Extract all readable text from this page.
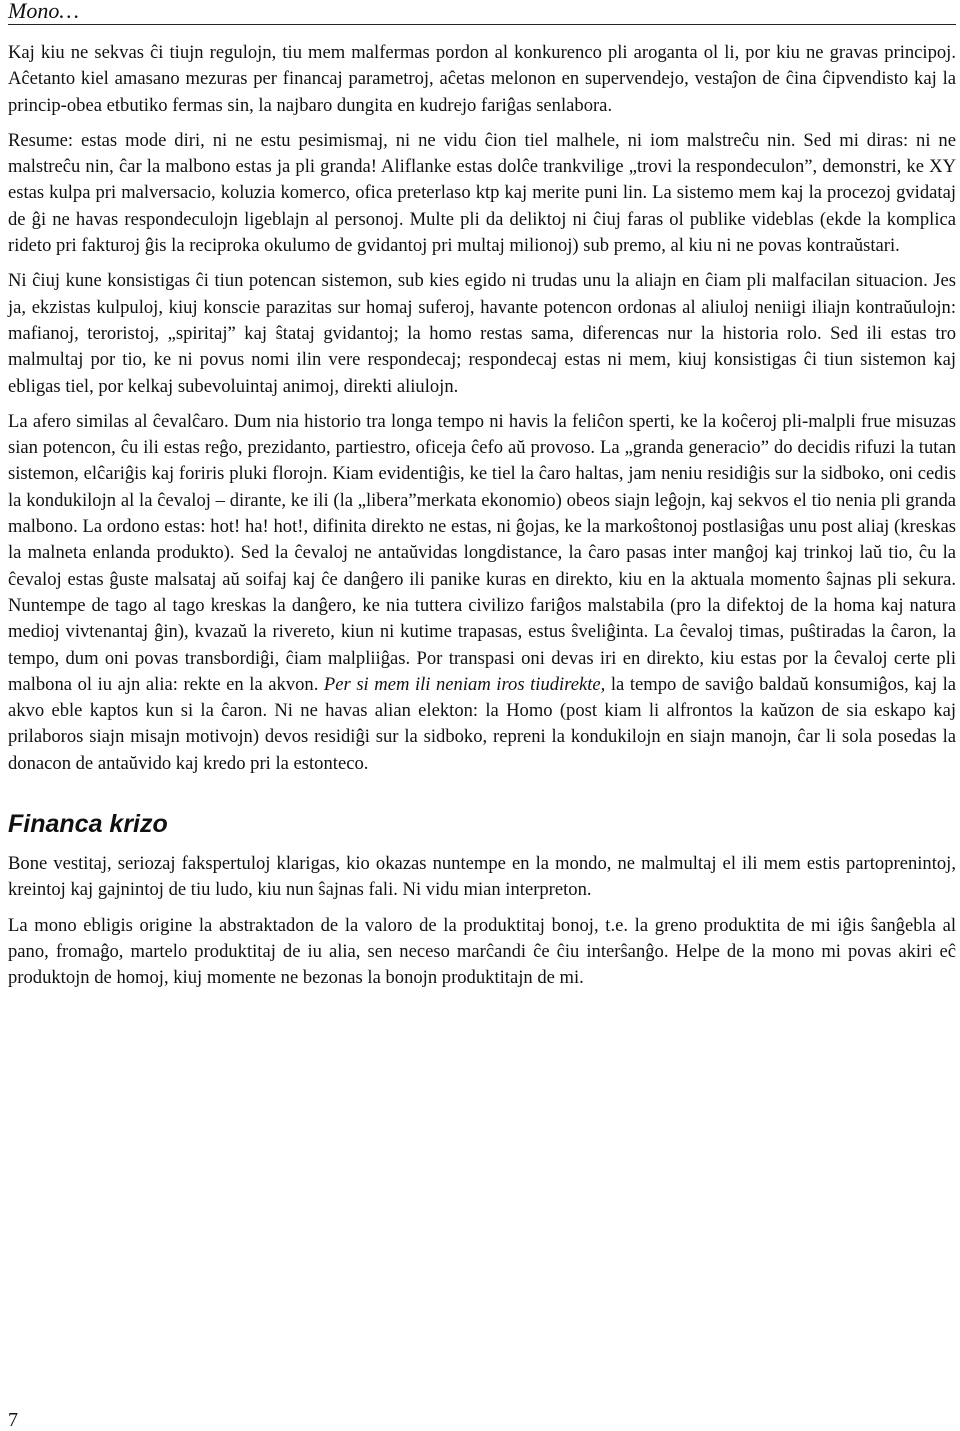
Mono…

Kaj kiu ne sekvas ĉi tiujn regulojn, tiu mem malfermas pordon al konkurenco pli aroganta ol li, por kiu ne gravas principoj. Aĉetanto kiel amasano mezuras per financaj parametroj, aĉetas melonon en supervendejo, vestaĵon de ĉina ĉipvendisto kaj la princip-obea etbutiko fermas sin, la najbaro dungita en kudrejo fariĝas senlabora.

Resume: estas mode diri, ni ne estu pesimismaj, ni ne vidu ĉion tiel malhele, ni iom malstreĉu nin. Sed mi diras: ni ne malstreĉu nin, ĉar la malbono estas ja pli granda! Aliflanke estas dolĉe trankvilige „trovi la respondeculon”, demonstri, ke XY estas kulpa pri malversacio, koluzia komerco, ofica preterlaso ktp kaj merite puni lin. La sistemo mem kaj la procezoj gvidataj de ĝi ne havas respondeculojn ligeblajn al personoj. Multe pli da deliktoj ni ĉiuj faras ol publike videblas (ekde la komplica rideto pri fakturoj ĝis la reciproka okulumo de gvidantoj pri multaj milionoj) sub premo, al kiu ni ne povas kontraŭstari.

Ni ĉiuj kune konsistigas ĉi tiun potencan sistemon, sub kies egido ni trudas unu la aliajn en ĉiam pli malfacilan situacion. Jes ja, ekzistas kulpuloj, kiuj konscie parazitas sur homaj suferoj, havante potencon ordonas al aliuloj neniigi iliajn kontraŭulojn: mafianoj, teroristoj, „spiritaj” kaj ŝtataj gvidantoj; la homo restas sama, diferencas nur la historia rolo. Sed ili estas tro malmultaj por tio, ke ni povus nomi ilin vere respondecaj; respondecaj estas ni mem, kiuj konsistigas ĉi tiun sistemon kaj ebligas tiel, por kelkaj subevoluintaj animoj, direkti aliulojn.

La afero similas al ĉevalĉaro. Dum nia historio tra longa tempo ni havis la feliĉon sperti, ke la koĉeroj pli-malpli frue misuzas sian potencon, ĉu ili estas reĝo, prezidanto, partiestro, oficeja ĉefo aŭ provoso. La „granda generacio” do decidis rifuzi la tutan sistemon, elĉariĝis kaj foriris pluki florojn. Kiam evidentiĝis, ke tiel la ĉaro haltas, jam neniu residiĝis sur la sidboko, oni cedis la kondukilojn al la ĉevaloj – dirante, ke ili (la „libera”merkata ekonomio) obeos siajn leĝojn, kaj sekvos el tio nenia pli granda malbono. La ordono estas: hot! ha! hot!, difinita direkto ne estas, ni ĝojas, ke la markoŝtonoj postlasiĝas unu post aliaj (kreskas la malneta enlanda produkto). Sed la ĉevaloj ne antaŭvidas longdistance, la ĉaro pasas inter manĝoj kaj trinkoj laŭ tio, ĉu la ĉevaloj estas ĝuste malsataj aŭ soifaj kaj ĉe danĝero ili panike kuras en direkto, kiu en la aktuala momento ŝajnas pli sekura. Nuntempe de tago al tago kreskas la danĝero, ke nia tuttera civilizo fariĝos malstabila (pro la difektoj de la homa kaj natura medioj vivtenantaj ĝin), kvazaŭ la rivereto, kiun ni kutime trapasas, estus ŝveliĝinta. La ĉevaloj timas, puŝtiradas la ĉaron, la tempo, dum oni povas transbordiĝi, ĉiam malpliiĝas. Por transpasi oni devas iri en direkto, kiu estas por la ĉevaloj certe pli malbona ol iu ajn alia: rekte en la akvon. Per si mem ili neniam iros tiudirekte, la tempo de saviĝo baldaŭ konsumiĝos, kaj la akvo eble kaptos kun si la ĉaron. Ni ne havas alian elekton: la Homo (post kiam li alfrontos la kaŭzon de sia eskapo kaj prilaboros siajn misajn motivojn) devos residiĝi sur la sidboko, repreni la kondukilojn en siajn manojn, ĉar li sola posedas la donacon de antaŭvido kaj kredo pri la estonteco.

Financa krizo

Bone vestitaj, seriozaj fakspertuloj klarigas, kio okazas nuntempe en la mondo, ne malmultaj el ili mem estis partoprenintoj, kreintoj kaj gajnintoj de tiu ludo, kiu nun ŝajnas fali. Ni vidu mian interpreton.

La mono ebligis origine la abstraktadon de la valoro de la produktitaj bonoj, t.e. la greno produktita de mi iĝis ŝanĝebla al pano, fromaĝo, martelo produktitaj de iu alia, sen neceso marĉandi ĉe ĉiu interŝanĝo. Helpe de la mono mi povas akiri eĉ produktojn de homoj, kiuj momente ne bezonas la bonojn produktitajn de mi.

7
